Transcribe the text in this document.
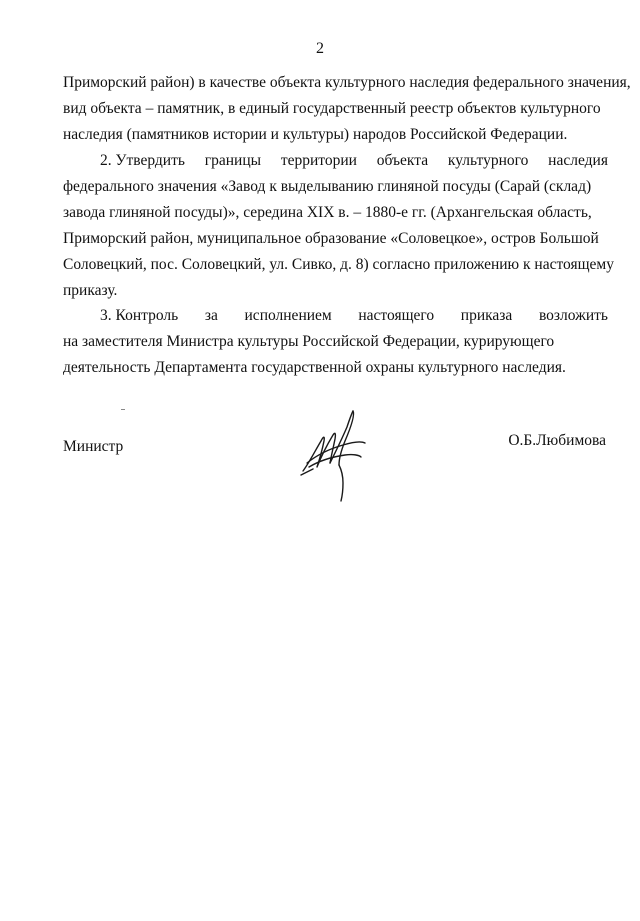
2
Приморский район) в качестве объекта культурного наследия федерального значения,
вид объекта – памятник, в единый государственный реестр объектов культурного
наследия (памятников истории и культуры) народов Российской Федерации.
2. Утвердить границы территории объекта культурного наследия
федерального значения «Завод к выделыванию глиняной посуды (Сарай (склад)
завода глиняной посуды)», середина XIX в. – 1880-е гг. (Архангельская область,
Приморский район, муниципальное образование «Соловецкое», остров Большой
Соловецкий, пос. Соловецкий, ул. Сивко, д. 8) согласно приложению к настоящему
приказу.
3. Контроль за исполнением настоящего приказа возложить
на заместителя Министра культуры Российской Федерации, курирующего
деятельность Департамента государственной охраны культурного наследия.
Министр	О.Б.Любимова
